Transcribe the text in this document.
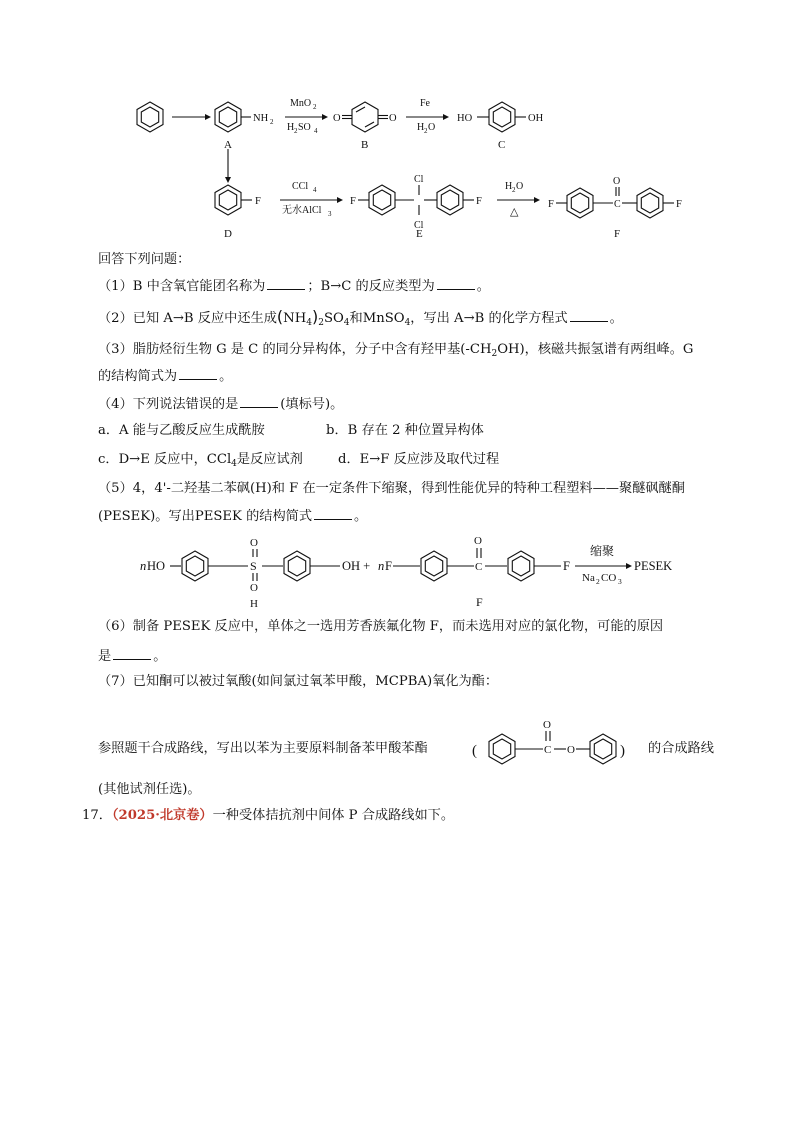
NH 2
A
MnO 2
H 2 SO 4
O	O
B
Fe
H 2 O
HO	OH
C
F
D
CCl 4
无水AlCl 3
F
Cl
Cl
F
E
H 2 O
△
F	C
O
F
F
回答下列问题：
（1）B 中含氧官能团名称为	；B→C 的反应类型为	。
（2）已知 A→B 反应中还生成$(NH_4)_2SO_4$和MnSO$_4$，写出 A→B 的化学方程式	。
（3）脂肪烃衍生物 G 是 C 的同分异构体，分子中含有羟甲基$(-CH_2OH)$，核磁共振氢谱有两组峰。G
的结构简式为	。
（4）下列说法错误的是	(填标号)。
a．A 能与乙酸反应生成酰胺	b．B 存在 2 种位置异构体
c．D→E 反应中，CCl$_4$是反应试剂	d．E→F 反应涉及取代过程
（5）4，4'-二羟基二苯砜(H)和 F 在一定条件下缩聚，得到性能优异的特种工程塑料——聚醚砜醚酮
(PESEK)。写出PESEK 的结构简式	。
n HO	S
O
O
H
OH + n F	C
O
F
F
缩聚
Na 2 CO 3
PESEK
（6）制备 PESEK 反应中，单体之一选用芳香族氟化物 F，而未选用对应的氯化物，可能的原因
是	。
（7）已知酮可以被过氧酸(如间氯过氧苯甲酸，MCPBA)氧化为酯：
参照题干合成路线，写出以苯为主要原料制备苯甲酸苯酯	(	C
O
O	) 的合成路线
(其他试剂任选)。
17．（2025·北京卷）一种受体拮抗剂中间体 P 合成路线如下。
